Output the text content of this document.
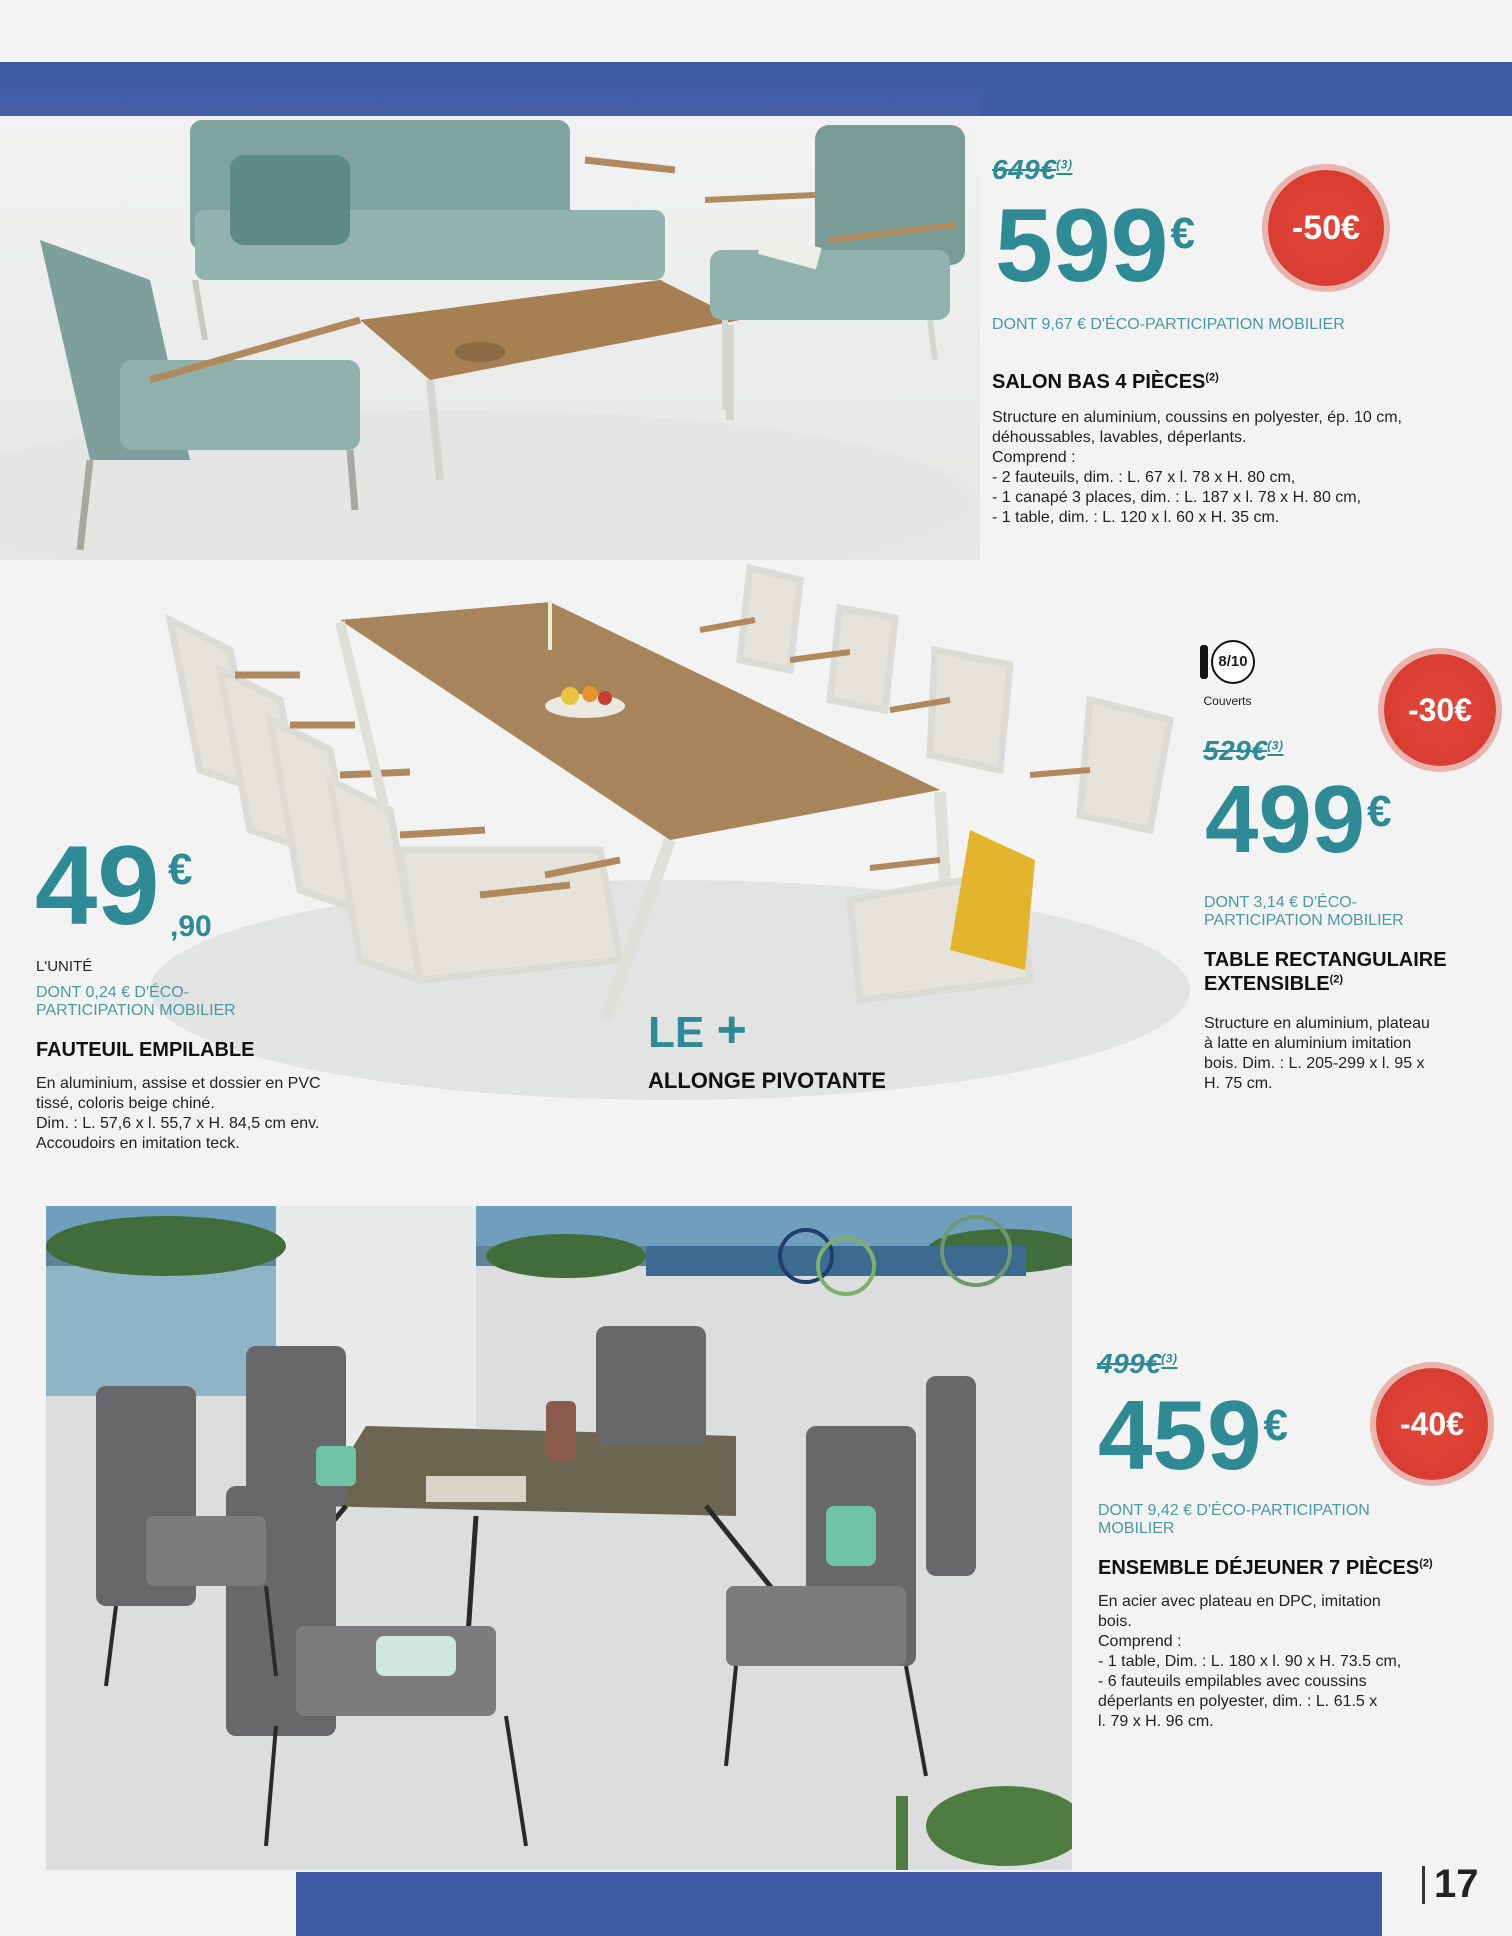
649€$^{(3)}$
599€	-50€
DONT 9,67 € D'ÉCO-PARTICIPATION MOBILIER
SALON BAS 4 PIÈCES$^{(2)}$
Structure en aluminium, coussins en polyester, ép. 10 cm,
déhoussables, lavables, déperlants.
Comprend :
- 2 fauteuils, dim. : L. 67 x l. 78 x H. 80 cm,
- 1 canapé 3 places, dim. : L. 187 x l. 78 x H. 80 cm,
- 1 table, dim. : L. 120 x l. 60 x H. 35 cm.
49 €
,90
L'UNITÉ
DONT 0,24 € D'ÉCO-PARTICIPATION MOBILIER
FAUTEUIL EMPILABLE
En aluminium, assise et dossier en PVC
tissé, coloris beige chiné.
Dim. : L. 57,6 x l. 55,7 x H. 84,5 cm env.
Accoudoirs en imitation teck.
LE +
ALLONGE PIVOTANTE
8/10
Couverts	-30€
529€$^{(3)}$
499€
DONT 3,14 € D'ÉCO-PARTICIPATION MOBILIER
TABLE RECTANGULAIRE
EXTENSIBLE$^{(2)}$
Structure en aluminium, plateau
à latte en aluminium imitation
bois. Dim. : L. 205-299 x l. 95 x
H. 75 cm.
499€$^{(3)}$
459€	-40€
DONT 9,42 € D'ÉCO-PARTICIPATION MOBILIER
ENSEMBLE DÉJEUNER 7 PIÈCES$^{(2)}$
En acier avec plateau en DPC, imitation
bois.
Comprend :
- 1 table, Dim. : L. 180 x l. 90 x H. 73.5 cm,
- 6 fauteuils empilables avec coussins
déperlants en polyester, dim. : L. 61.5 x
l. 79 x H. 96 cm.
17
